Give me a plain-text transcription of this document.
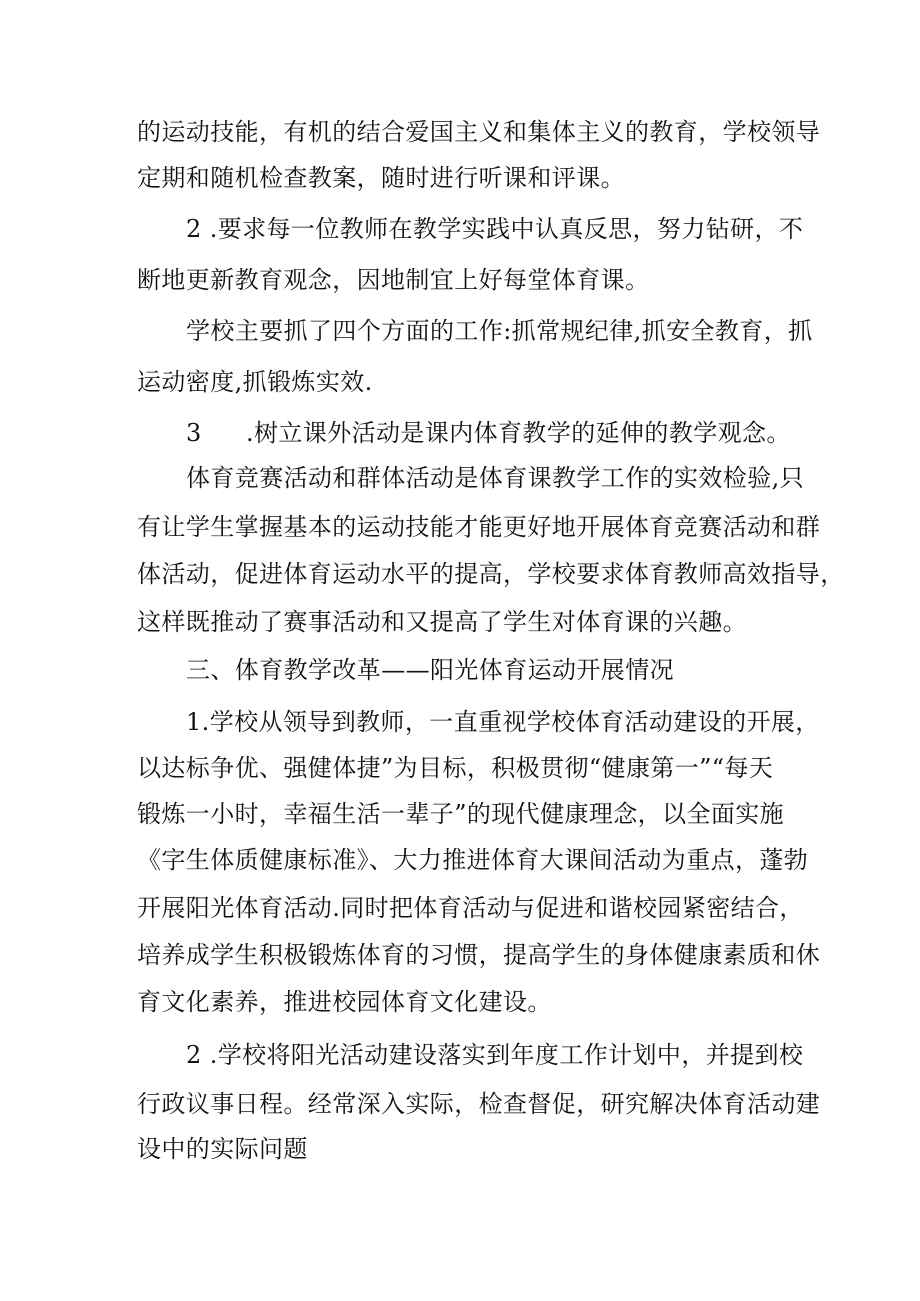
的运动技能，有机的结合爱国主义和集体主义的教育，学校领导
定期和随机检查教案，随时进行听课和评课。
2 .要求每一位教师在教学实践中认真反思，努力钻研，不
断地更新教育观念，因地制宜上好每堂体育课。
学校主要抓了四个方面的工作:抓常规纪律,抓安全教育，抓
运动密度,抓锻炼实效.
3 .树立课外活动是课内体育教学的延伸的教学观念。
体育竞赛活动和群体活动是体育课教学工作的实效检验,只
有让学生掌握基本的运动技能才能更好地开展体育竞赛活动和群
体活动，促进体育运动水平的提高，学校要求体育教师高效指导，
这样既推动了赛事活动和又提高了学生对体育课的兴趣。
三、体育教学改革——阳光体育运动开展情况
1.学校从领导到教师，一直重视学校体育活动建设的开展，
以达标争优、强健体捷”为目标，积极贯彻“健康第一”“每天
锻炼一小时，幸福生活一辈子”的现代健康理念，以全面实施
《字生体质健康标准》、大力推进体育大课间活动为重点，蓬勃
开展阳光体育活动.同时把体育活动与促进和谐校园紧密结合，
培养成学生积极锻炼体育的习惯，提高学生的身体健康素质和休
育文化素养，推进校园体育文化建设。
2 .学校将阳光活动建设落实到年度工作计划中，并提到校
行政议事日程。经常深入实际，检查督促，研究解决体育活动建
设中的实际问题
